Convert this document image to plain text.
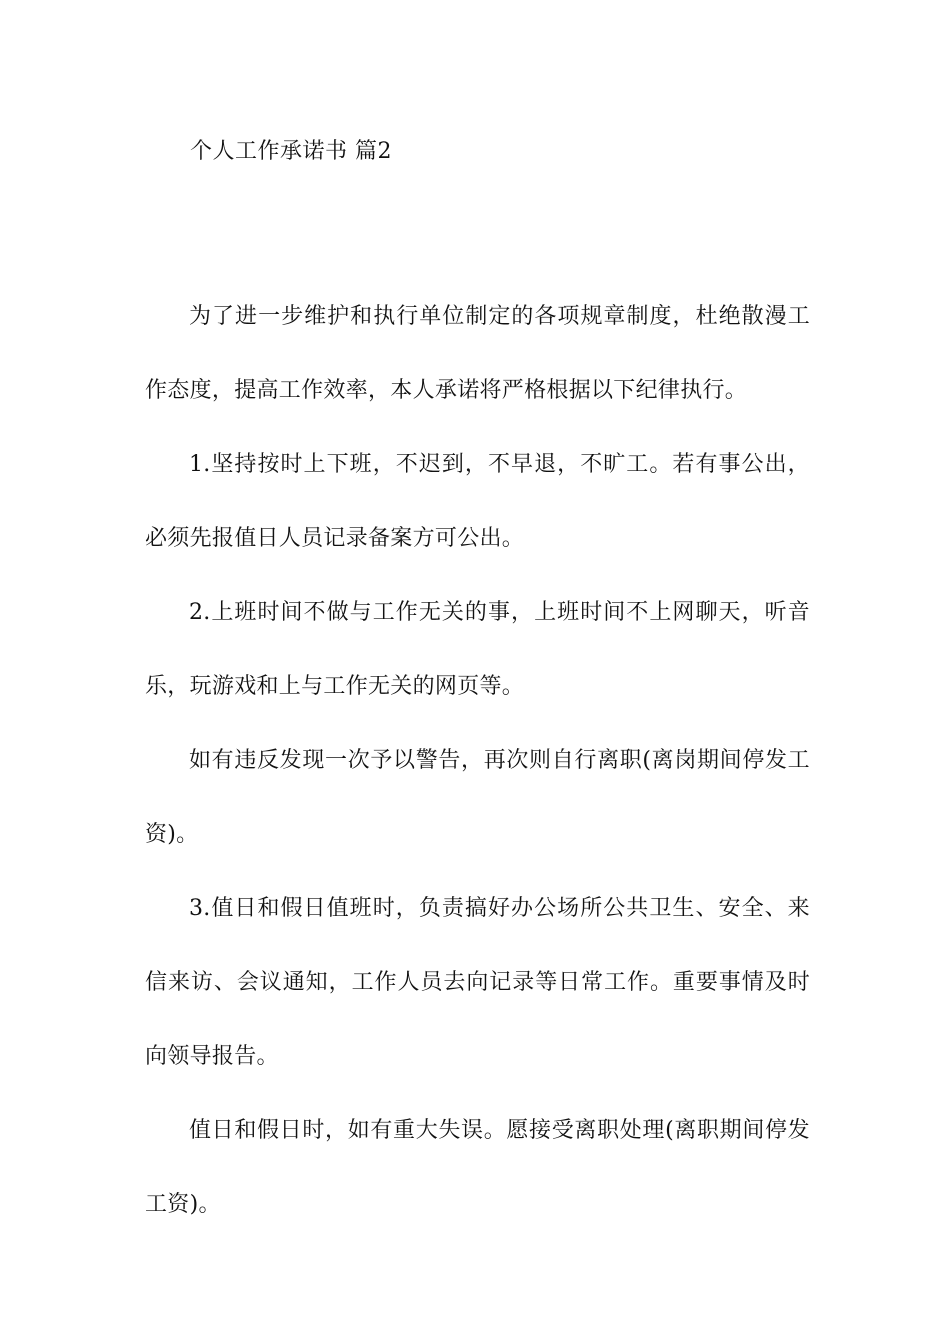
个人工作承诺书 篇2

为了进一步维护和执行单位制定的各项规章制度，杜绝散漫工作态度，提高工作效率，本人承诺将严格根据以下纪律执行。

1.坚持按时上下班，不迟到，不早退，不旷工。若有事公出，必须先报值日人员记录备案方可公出。

2.上班时间不做与工作无关的事，上班时间不上网聊天，听音乐，玩游戏和上与工作无关的网页等。

如有违反发现一次予以警告，再次则自行离职(离岗期间停发工资)。

3.值日和假日值班时，负责搞好办公场所公共卫生、安全、来信来访、会议通知，工作人员去向记录等日常工作。重要事情及时向领导报告。

值日和假日时，如有重大失误。愿接受离职处理(离职期间停发工资)。
